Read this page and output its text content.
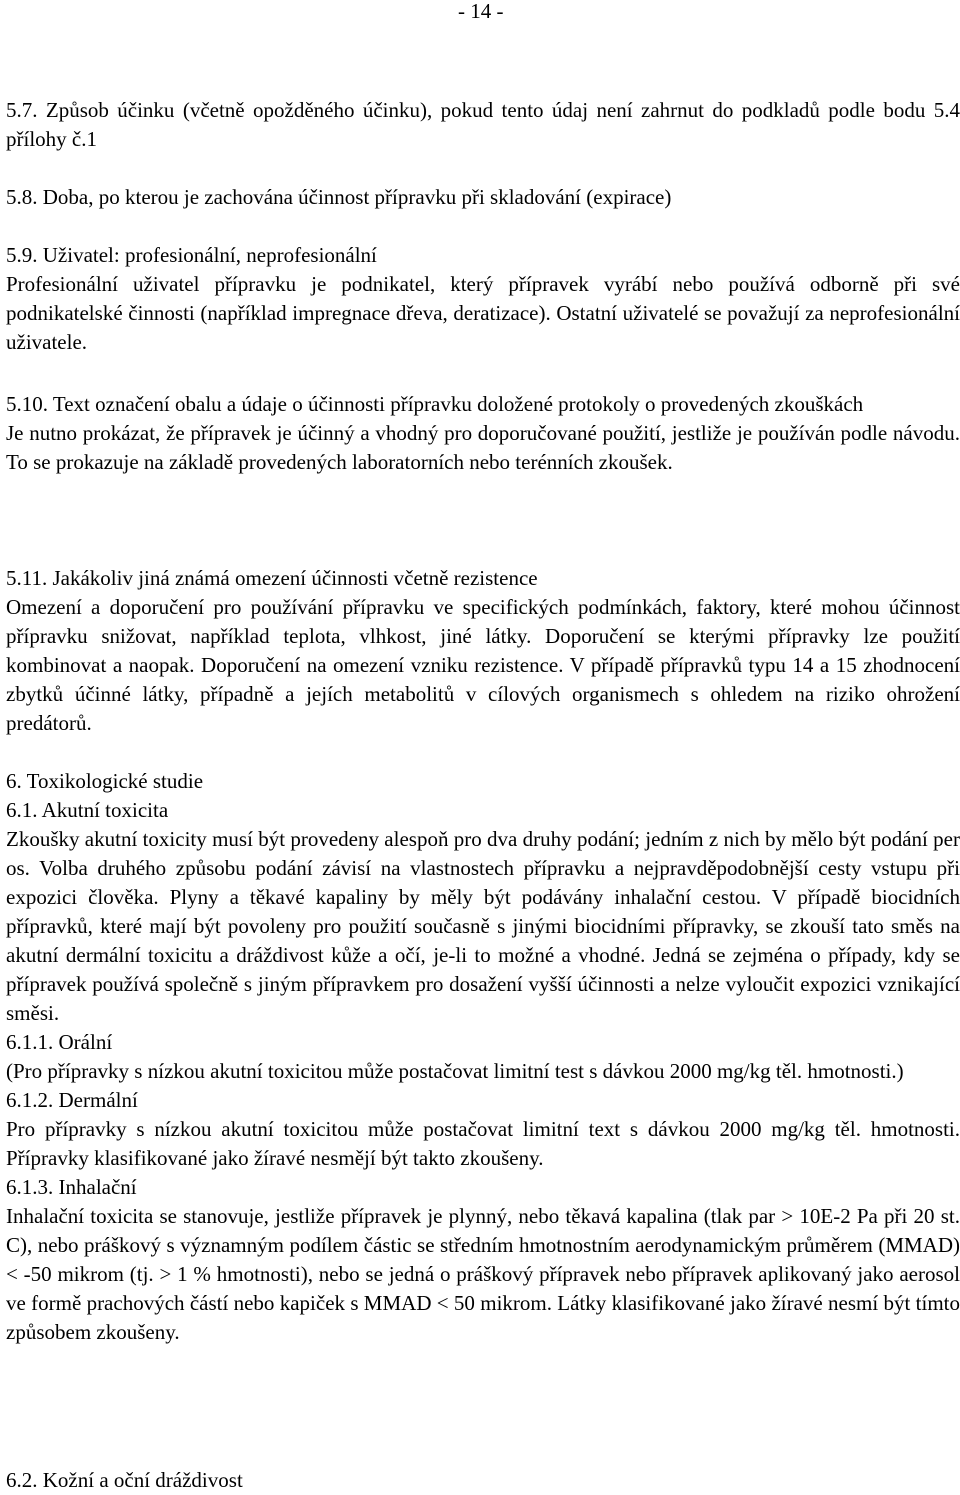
- 14 -

5.7. Způsob účinku (včetně opožděného účinku), pokud tento údaj není zahrnut do podkladů podle bodu 5.4 přílohy č.1

5.8. Doba, po kterou je zachována účinnost přípravku při skladování (expirace)

5.9. Uživatel: profesionální, neprofesionální

Profesionální uživatel přípravku je podnikatel, který přípravek vyrábí nebo používá odborně při své podnikatelské činnosti (například impregnace dřeva, deratizace). Ostatní uživatelé se považují za neprofesionální uživatele.

5.10. Text označení obalu a údaje o účinnosti přípravku doložené protokoly o provedených zkouškách

Je nutno prokázat, že přípravek je účinný a vhodný pro doporučované použití, jestliže je používán podle návodu. To se prokazuje na základě provedených laboratorních nebo terénních zkoušek.

5.11. Jakákoliv jiná známá omezení účinnosti včetně rezistence

Omezení a doporučení pro používání přípravku ve specifických podmínkách, faktory, které mohou účinnost přípravku snižovat, například teplota, vlhkost, jiné látky. Doporučení se kterými přípravky lze použití kombinovat a naopak. Doporučení na omezení vzniku rezistence. V případě přípravků typu 14 a 15 zhodnocení zbytků účinné látky, případně a jejích metabolitů v cílových organismech s ohledem na riziko ohrožení predátorů.

6. Toxikologické studie

6.1. Akutní toxicita

Zkoušky akutní toxicity musí být provedeny alespoň pro dva druhy podání; jedním z nich by mělo být podání per os. Volba druhého způsobu podání závisí na vlastnostech přípravku a nejpravděpodobnější cesty vstupu při expozici člověka. Plyny a těkavé kapaliny by měly být podávány inhalační cestou. V případě biocidních přípravků, které mají být povoleny pro použití současně s jinými biocidními přípravky, se zkouší tato směs na akutní dermální toxicitu a dráždivost kůže a očí, je-li to možné a vhodné. Jedná se zejména o případy, kdy se přípravek používá společně s jiným přípravkem pro dosažení vyšší účinnosti a nelze vyloučit expozici vznikající směsi.

6.1.1. Orální

(Pro přípravky s nízkou akutní toxicitou může postačovat limitní test s dávkou 2000 mg/kg těl. hmotnosti.)

6.1.2. Dermální

Pro přípravky s nízkou akutní toxicitou může postačovat limitní text s dávkou 2000 mg/kg těl. hmotnosti. Přípravky klasifikované jako žíravé nesmějí být takto zkoušeny.

6.1.3. Inhalační

Inhalační toxicita se stanovuje, jestliže přípravek je plynný, nebo těkavá kapalina (tlak par > 10E-2 Pa při 20 st. C), nebo práškový s významným podílem částic se středním hmotnostním aerodynamickým průměrem (MMAD) < -50 mikrom (tj. > 1 % hmotnosti), nebo se jedná o práškový přípravek nebo přípravek aplikovaný jako aerosol ve formě prachových částí nebo kapiček s MMAD < 50 mikrom. Látky klasifikované jako žíravé nesmí být tímto způsobem zkoušeny.

6.2. Kožní a oční dráždivost
